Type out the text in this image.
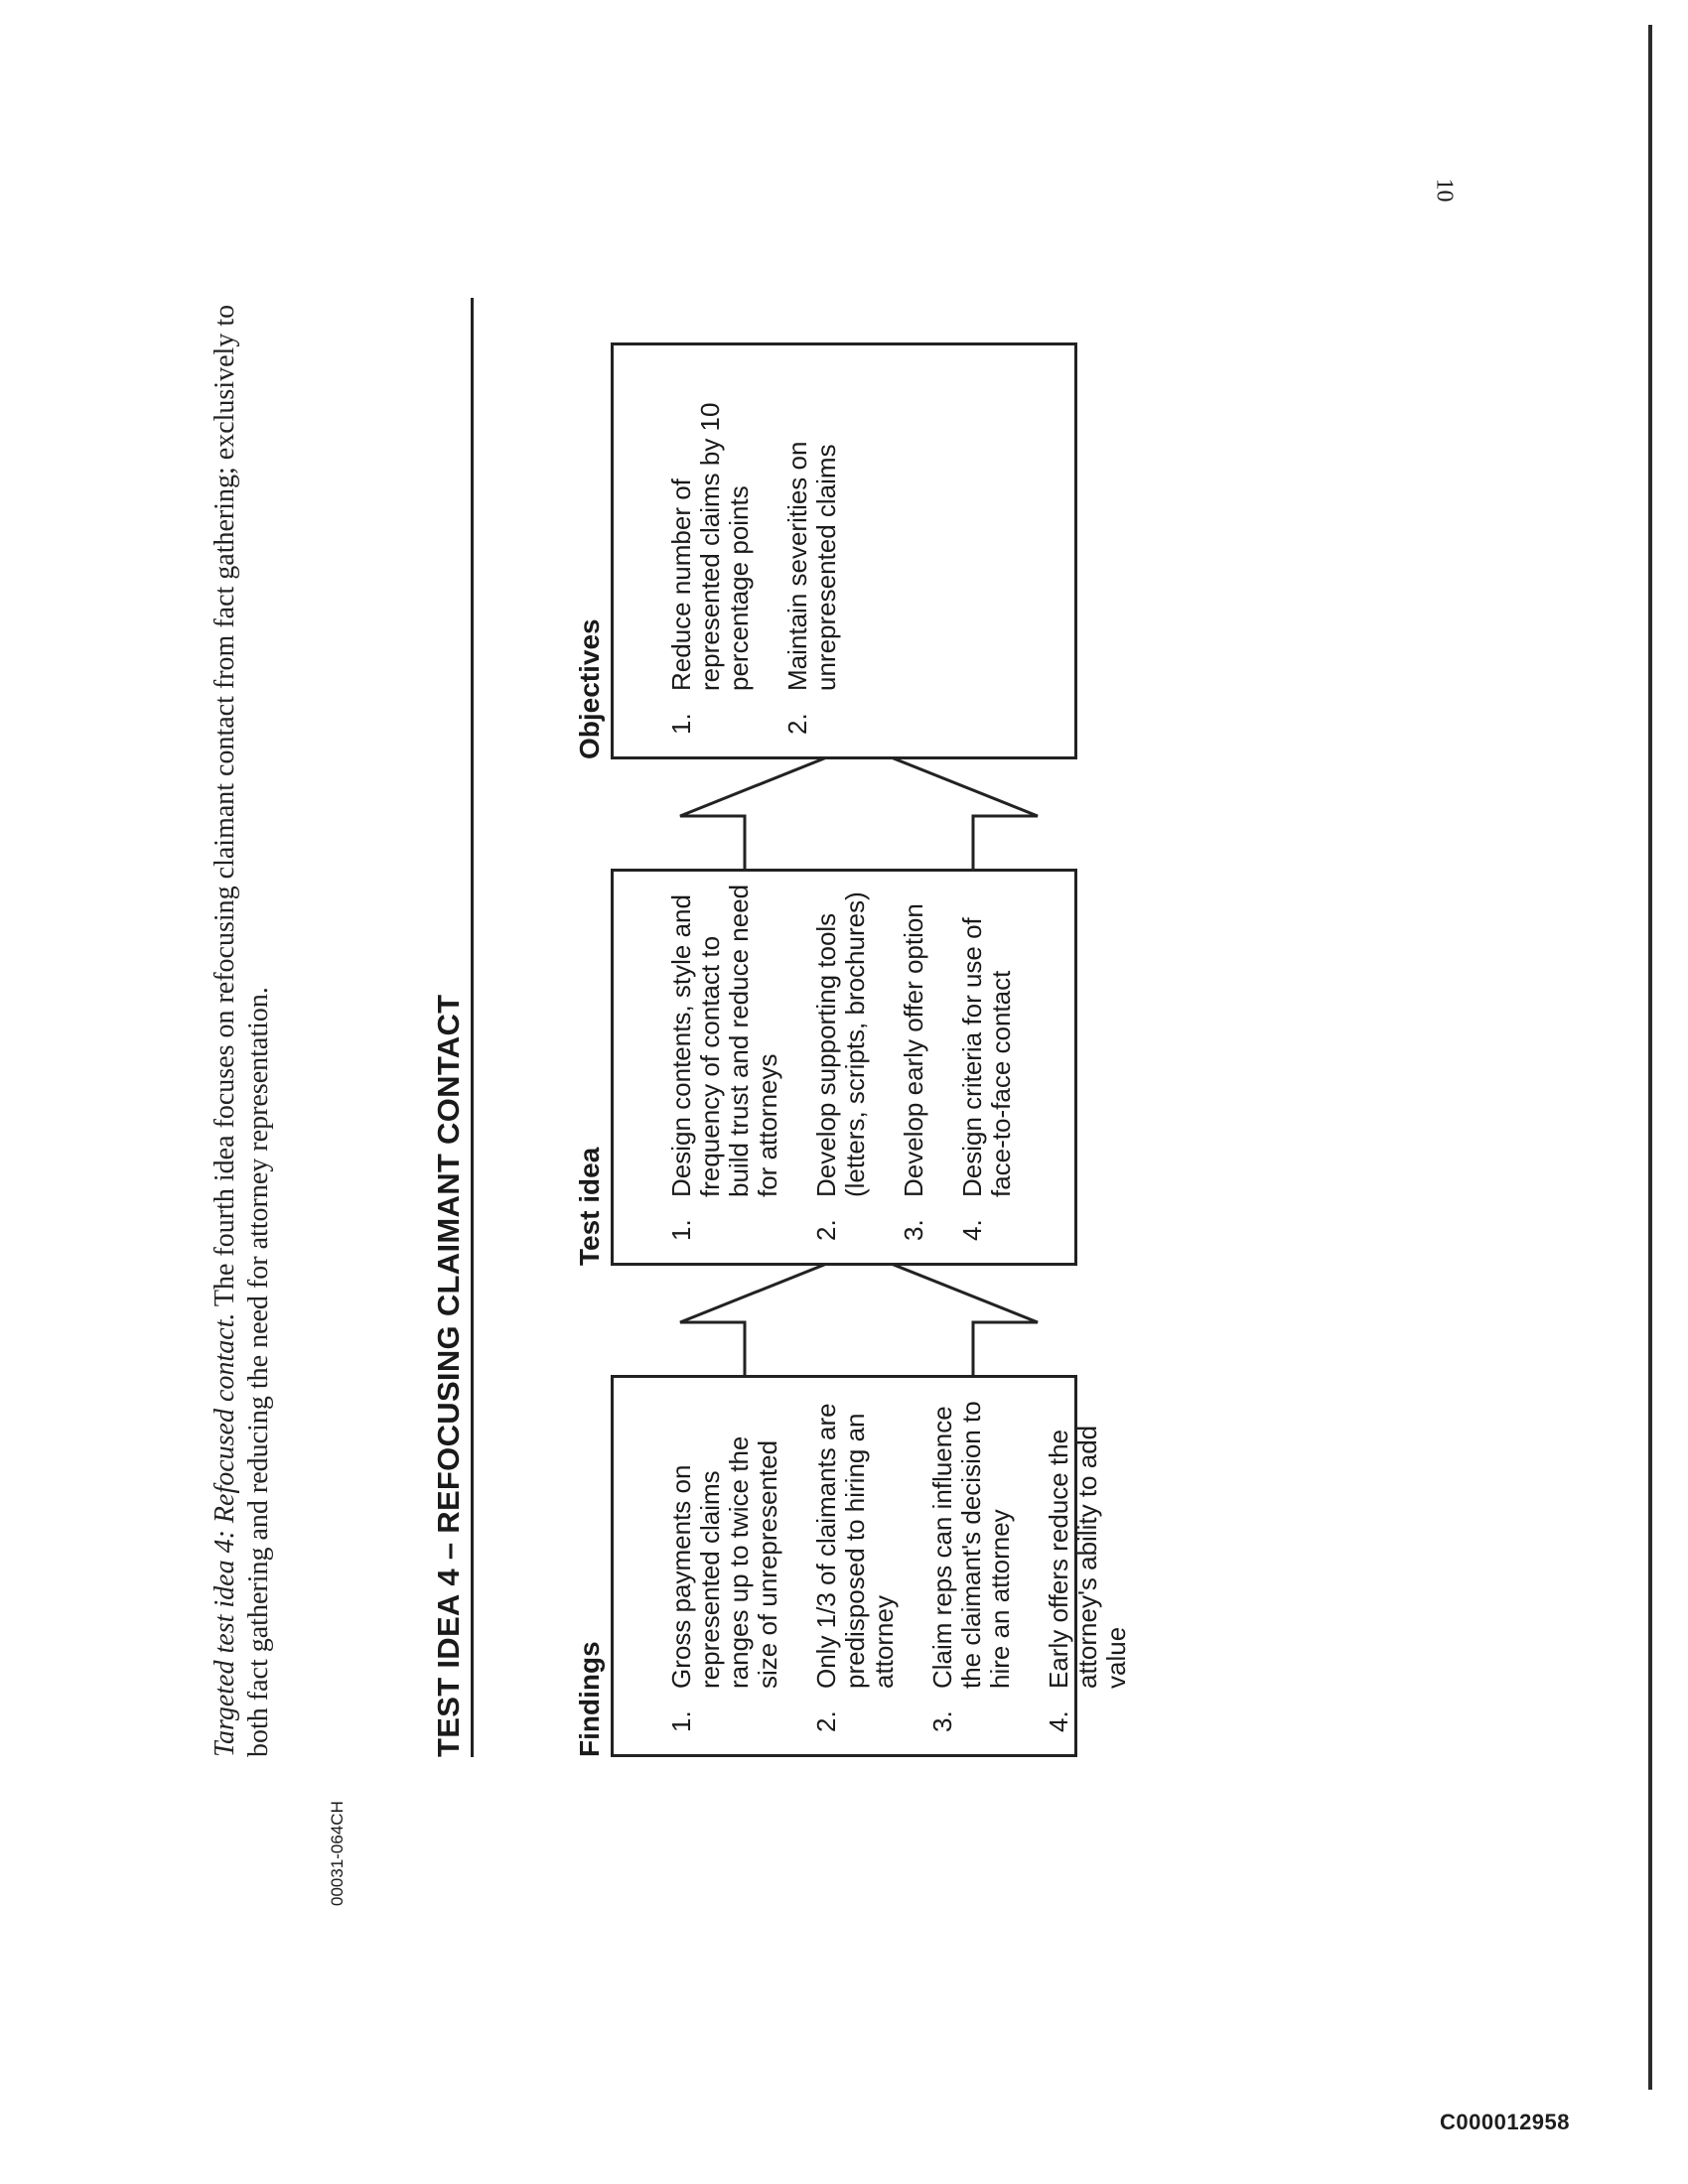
Targeted test idea 4: Refocused contact. The fourth idea focuses on refocusing claimant contact from fact gathering; exclusively to both fact gathering and reducing the need for attorney representation.	TEST IDEA 4 – REFOCUSING CLAIMANT CONTACT	Findings 1.
Gross payments on represented claims ranges up to twice the size of unrepresented
2.
Only 1/3 of claimants are predisposed to hiring an attorney
3.
Claim reps can influence the claimant's decision to hire an attorney
4.
Early offers reduce the attorney's ability to add value
Test idea 1.
Design contents, style and frequency of contact to build trust and reduce need for attorneys
2.
Develop supporting tools (letters, scripts, brochures)
3.
Develop early offer option
4.
Design criteria for use of face-to-face contact
Objectives 1.
Reduce number of represented claims by 10 percentage points
2.
Maintain severities on unrepresented claims
10
00031-064CH
C000012958
